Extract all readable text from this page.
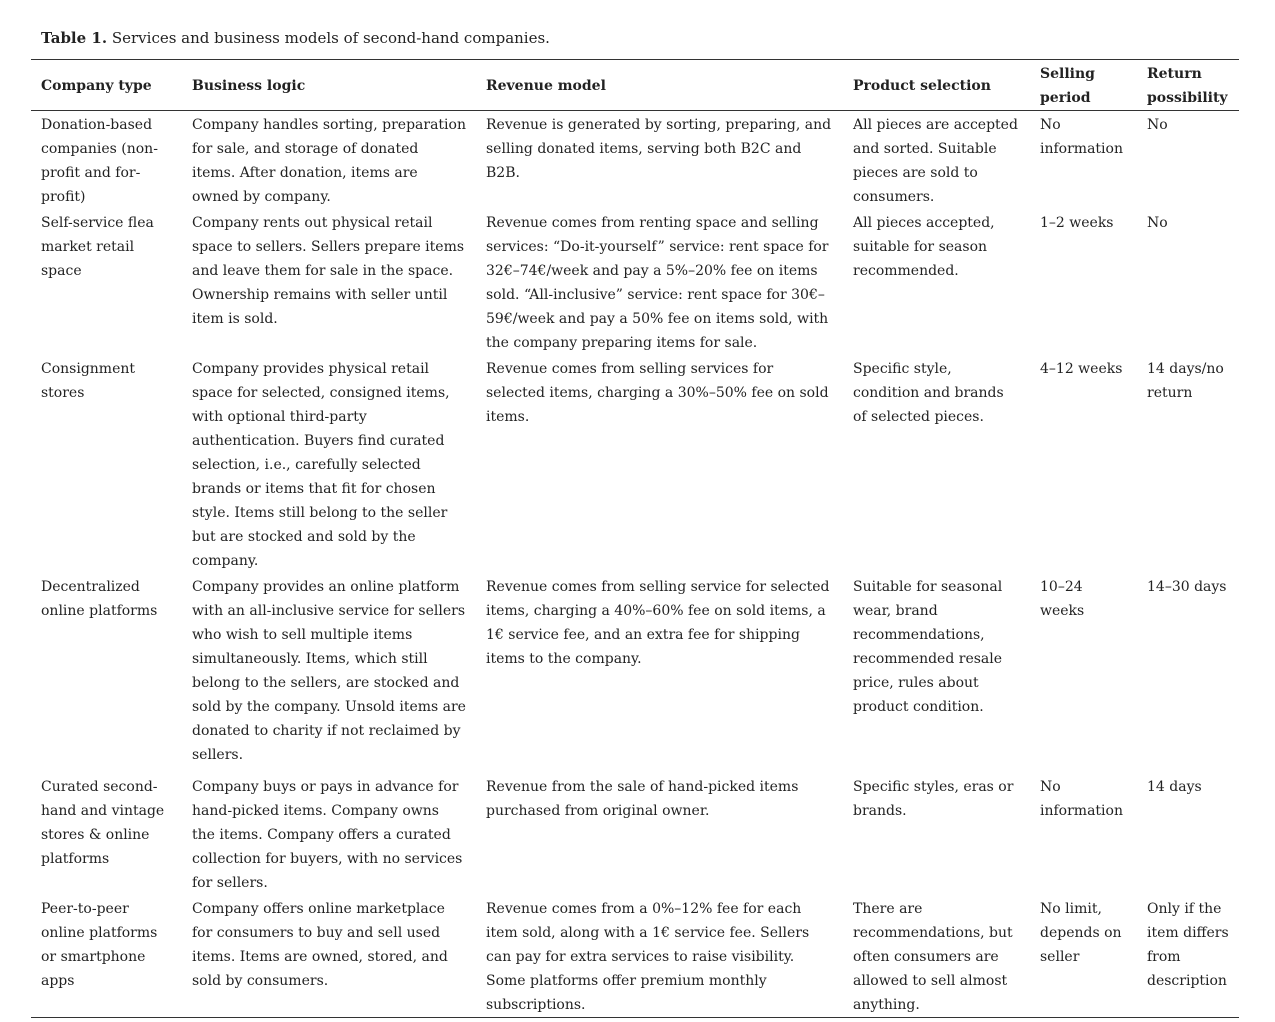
Table 1. Services and business models of second-hand companies.
Company type	Business logic	Revenue model	Product selection	Selling period	Return possibility
Donation-based companies (non-profit and for-profit)	Company handles sorting, preparation for sale, and storage of donated items. After donation, items are owned by company.	Revenue is generated by sorting, preparing, and selling donated items, serving both B2C and B2B.	All pieces are accepted and sorted. Suitable pieces are sold to consumers.	No information	No
Self-service flea market retail space	Company rents out physical retail space to sellers. Sellers prepare items and leave them for sale in the space. Ownership remains with seller until item is sold.	Revenue comes from renting space and selling services: “Do-it-yourself” service: rent space for 32€–74€/week and pay a 5%–20% fee on items sold. “All-inclusive” service: rent space for 30€–59€/week and pay a 50% fee on items sold, with the company preparing items for sale.	All pieces accepted, suitable for season recommended.	1–2 weeks	No
Consignment stores	Company provides physical retail space for selected, consigned items, with optional third-party authentication. Buyers find curated selection, i.e., carefully selected brands or items that fit for chosen style. Items still belong to the seller but are stocked and sold by the company.	Revenue comes from selling services for selected items, charging a 30%–50% fee on sold items.	Specific style, condition and brands of selected pieces.	4–12 weeks	14 days/no return
Decentralized online platforms	Company provides an online platform with an all-inclusive service for sellers who wish to sell multiple items simultaneously. Items, which still belong to the sellers, are stocked and sold by the company. Unsold items are donated to charity if not reclaimed by sellers.	Revenue comes from selling service for selected items, charging a 40%–60% fee on sold items, a 1€ service fee, and an extra fee for shipping items to the company.	Suitable for seasonal wear, brand recommendations, recommended resale price, rules about product condition.	10–24 weeks	14–30 days
Curated second-hand and vintage stores & online platforms	Company buys or pays in advance for hand-picked items. Company owns the items. Company offers a curated collection for buyers, with no services for sellers.	Revenue from the sale of hand-picked items purchased from original owner.	Specific styles, eras or brands.	No information	14 days
Peer-to-peer online platforms or smartphone apps	Company offers online marketplace for consumers to buy and sell used items. Items are owned, stored, and sold by consumers.	Revenue comes from a 0%–12% fee for each item sold, along with a 1€ service fee. Sellers can pay for extra services to raise visibility. Some platforms offer premium monthly subscriptions.	There are recommendations, but often consumers are allowed to sell almost anything.	No limit, depends on seller	Only if the item differs from description
